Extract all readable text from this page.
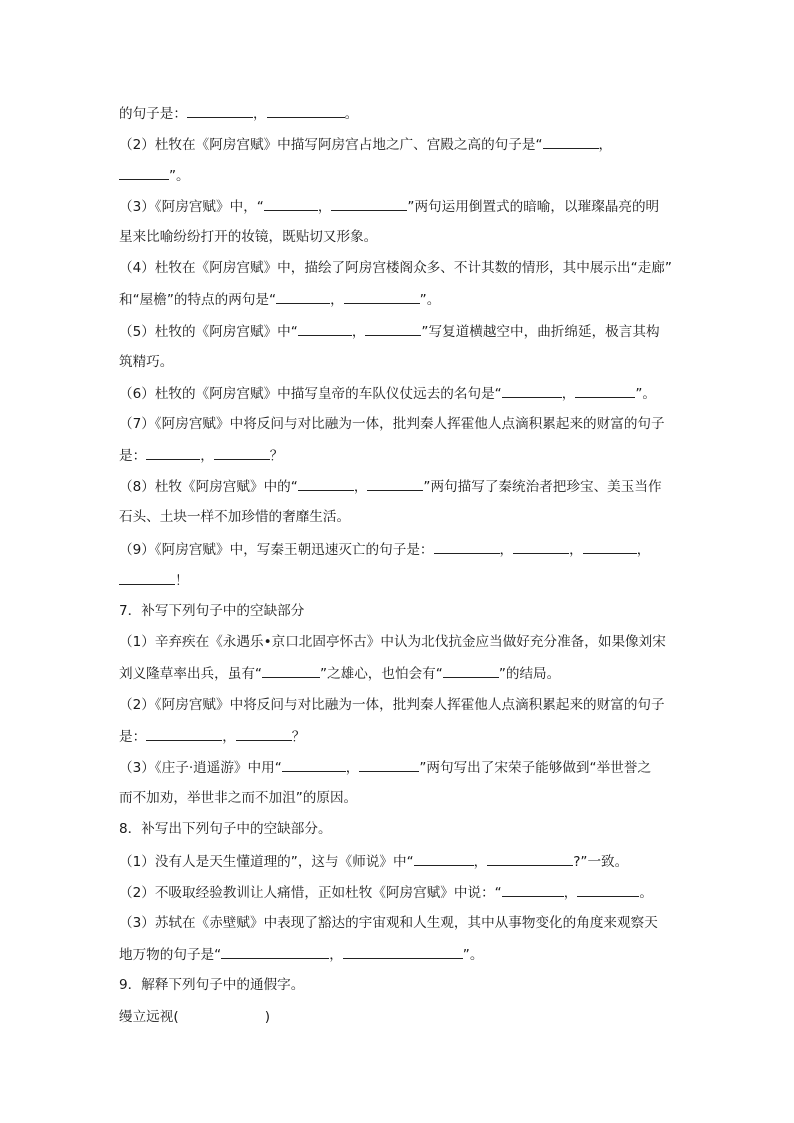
的句子是：	，	。
（2）杜牧在《阿房宫赋》中描写阿房宫占地之广、宫殿之高的句子是“	，
”。
（3）《阿房宫赋》中，“	，	”两句运用倒置式的暗喻，以璀璨晶亮的明
星来比喻纷纷打开的妆镜，既贴切又形象。
（4）杜牧在《阿房宫赋》中，描绘了阿房宫楼阁众多、不计其数的情形，其中展示出“走廊”
和“屋檐”的特点的两句是“	，	”。
（5）杜牧的《阿房宫赋》中“	，	”写复道横越空中，曲折绵延，极言其构
筑精巧。
（6）杜牧的《阿房宫赋》中描写皇帝的车队仪仗远去的名句是“	，	”。
（7）《阿房宫赋》中将反问与对比融为一体，批判秦人挥霍他人点滴积累起来的财富的句子
是：	，	？
（8）杜牧《阿房宫赋》中的“	，	”两句描写了秦统治者把珍宝、美玉当作
石头、土块一样不加珍惜的奢靡生活。
（9）《阿房宫赋》中，写秦王朝迅速灭亡的句子是：	，	，	，
！
7．补写下列句子中的空缺部分
（1）辛弃疾在《永遇乐•京口北固亭怀古》中认为北伐抗金应当做好充分准备，如果像刘宋
刘义隆草率出兵，虽有“	”之雄心，也怕会有“	”的结局。
（2）《阿房宫赋》中将反问与对比融为一体，批判秦人挥霍他人点滴积累起来的财富的句子
是：	，	？
（3）《庄子·逍遥游》中用“	，	”两句写出了宋荣子能够做到“举世誉之
而不加劝，举世非之而不加沮”的原因。
8．补写出下列句子中的空缺部分。
（1）没有人是天生懂道理的”，这与《师说》中“	，	?”一致。
（2）不吸取经验教训让人痛惜，正如杜牧《阿房宫赋》中说：“	，	。
（3）苏轼在《赤壁赋》中表现了豁达的宇宙观和人生观，其中从事物变化的角度来观察天
地万物的句子是“	，	”。
9．解释下列句子中的通假字。
缦立远视(	)
